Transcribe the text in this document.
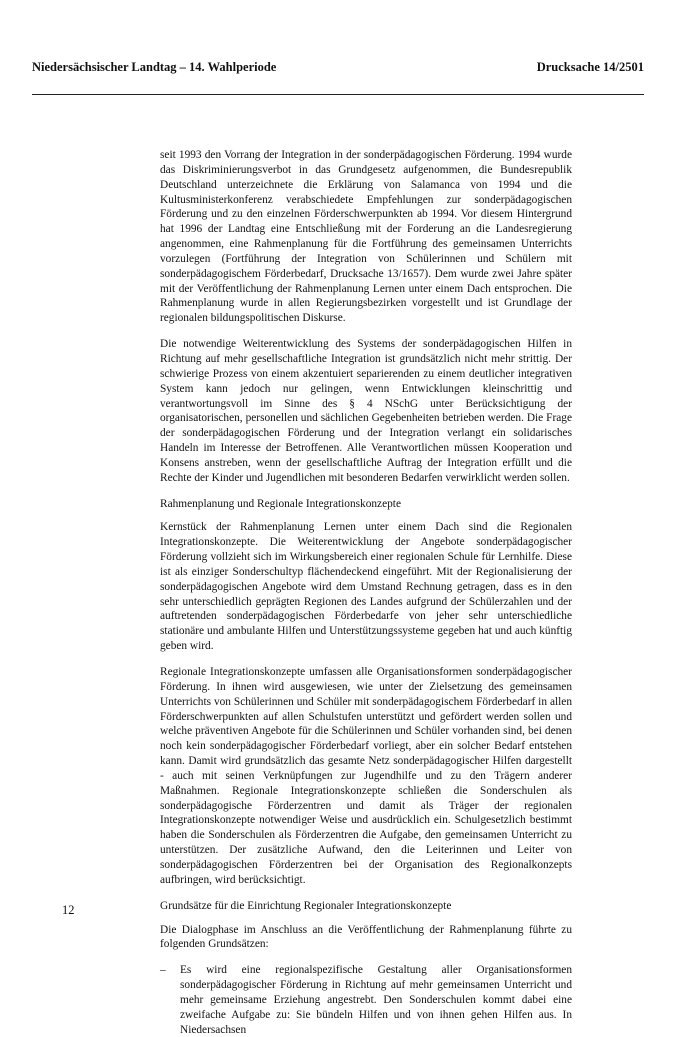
Niedersächsischer Landtag – 14. Wahlperiode	Drucksache 14/2501

seit 1993 den Vorrang der Integration in der sonderpädagogischen Förderung. 1994 wurde das Diskriminierungsverbot in das Grundgesetz aufgenommen, die Bundesrepublik Deutschland unterzeichnete die Erklärung von Salamanca von 1994 und die Kultusministerkonferenz verabschiedete Empfehlungen zur sonderpädagogischen Förderung und zu den einzelnen Förderschwerpunkten ab 1994. Vor diesem Hintergrund hat 1996 der Landtag eine Entschließung mit der Forderung an die Landesregierung angenommen, eine Rahmenplanung für die Fortführung des gemeinsamen Unterrichts vorzulegen (Fortführung der Integration von Schülerinnen und Schülern mit sonderpädagogischem Förderbedarf, Drucksache 13/1657). Dem wurde zwei Jahre später mit der Veröffentlichung der Rahmenplanung Lernen unter einem Dach entsprochen. Die Rahmenplanung wurde in allen Regierungsbezirken vorgestellt und ist Grundlage der regionalen bildungspolitischen Diskurse.

Die notwendige Weiterentwicklung des Systems der sonderpädagogischen Hilfen in Richtung auf mehr gesellschaftliche Integration ist grundsätzlich nicht mehr strittig. Der schwierige Prozess von einem akzentuiert separierenden zu einem deutlicher integrativen System kann jedoch nur gelingen, wenn Entwicklungen kleinschrittig und verantwortungsvoll im Sinne des § 4 NSchG unter Berücksichtigung der organisatorischen, personellen und sächlichen Gegebenheiten betrieben werden. Die Frage der sonderpädagogischen Förderung und der Integration verlangt ein solidarisches Handeln im Interesse der Betroffenen. Alle Verantwortlichen müssen Kooperation und Konsens anstreben, wenn der gesellschaftliche Auftrag der Integration erfüllt und die Rechte der Kinder und Jugendlichen mit besonderen Bedarfen verwirklicht werden sollen.

Rahmenplanung und Regionale Integrationskonzepte

Kernstück der Rahmenplanung Lernen unter einem Dach sind die Regionalen Integrationskonzepte. Die Weiterentwicklung der Angebote sonderpädagogischer Förderung vollzieht sich im Wirkungsbereich einer regionalen Schule für Lernhilfe. Diese ist als einziger Sonderschultyp flächendeckend eingeführt. Mit der Regionalisierung der sonderpädagogischen Angebote wird dem Umstand Rechnung getragen, dass es in den sehr unterschiedlich geprägten Regionen des Landes aufgrund der Schülerzahlen und der auftretenden sonderpädagogischen Förderbedarfe von jeher sehr unterschiedliche stationäre und ambulante Hilfen und Unterstützungssysteme gegeben hat und auch künftig geben wird.

Regionale Integrationskonzepte umfassen alle Organisationsformen sonderpädagogischer Förderung. In ihnen wird ausgewiesen, wie unter der Zielsetzung des gemeinsamen Unterrichts von Schülerinnen und Schüler mit sonderpädagogischem Förderbedarf in allen Förderschwerpunkten auf allen Schulstufen unterstützt und gefördert werden sollen und welche präventiven Angebote für die Schülerinnen und Schüler vorhanden sind, bei denen noch kein sonderpädagogischer Förderbedarf vorliegt, aber ein solcher Bedarf entstehen kann. Damit wird grundsätzlich das gesamte Netz sonderpädagogischer Hilfen dargestellt - auch mit seinen Verknüpfungen zur Jugendhilfe und zu den Trägern anderer Maßnahmen. Regionale Integrationskonzepte schließen die Sonderschulen als sonderpädagogische Förderzentren und damit als Träger der regionalen Integrationskonzepte notwendiger Weise und ausdrücklich ein. Schulgesetzlich bestimmt haben die Sonderschulen als Förderzentren die Aufgabe, den gemeinsamen Unterricht zu unterstützen. Der zusätzliche Aufwand, den die Leiterinnen und Leiter von sonderpädagogischen Förderzentren bei der Organisation des Regionalkonzepts aufbringen, wird berücksichtigt.

Grundsätze für die Einrichtung Regionaler Integrationskonzepte

Die Dialogphase im Anschluss an die Veröffentlichung der Rahmenplanung führte zu folgenden Grundsätzen:

– Es wird eine regionalspezifische Gestaltung aller Organisationsformen sonderpädagogischer Förderung in Richtung auf mehr gemeinsamen Unterricht und mehr gemeinsame Erziehung angestrebt. Den Sonderschulen kommt dabei eine zweifache Aufgabe zu: Sie bündeln Hilfen und von ihnen gehen Hilfen aus. In Niedersachsen
12
